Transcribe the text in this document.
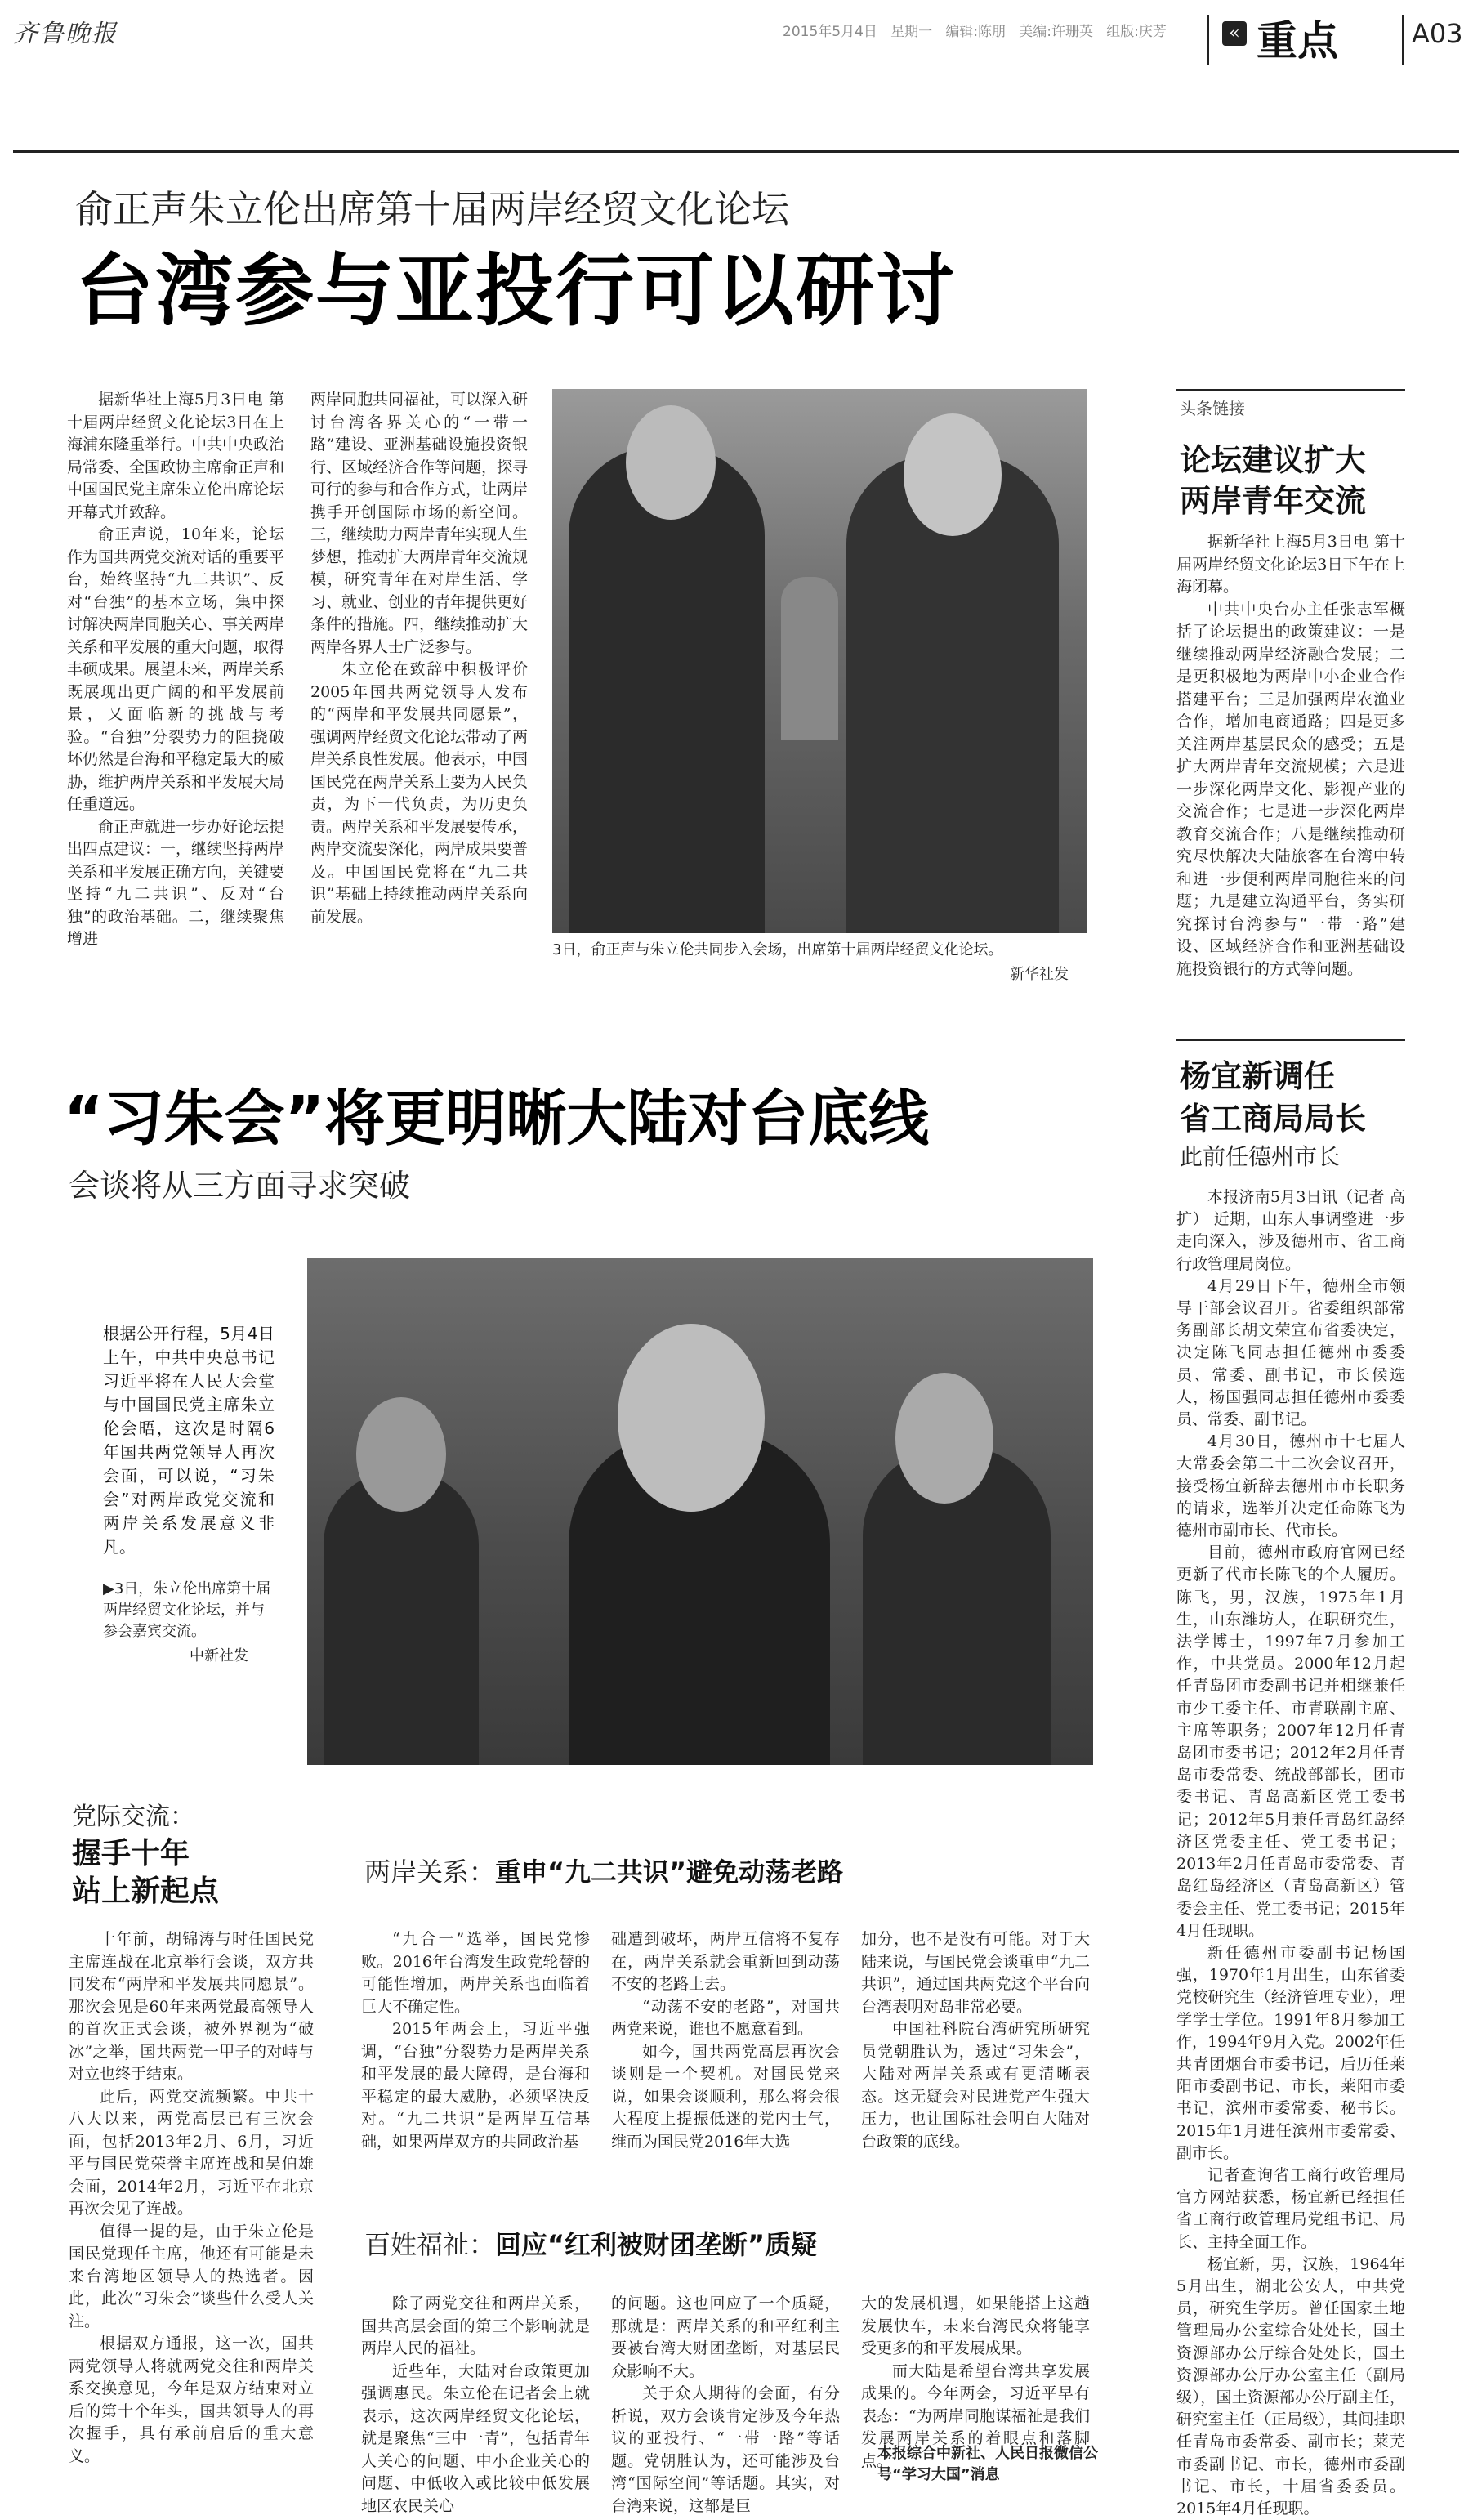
齐鲁晚报	2015年5月4日   星期一   编辑:陈朋   美编:许珊英   组版:庆芳	« 重点	A03
俞正声朱立伦出席第十届两岸经贸文化论坛
台湾参与亚投行可以研讨

据新华社上海5月3日电 第十届两岸经贸文化论坛3日在上海浦东隆重举行。中共中央政治局常委、全国政协主席俞正声和中国国民党主席朱立伦出席论坛开幕式并致辞。

俞正声说，10年来，论坛作为国共两党交流对话的重要平台，始终坚持“九二共识”、反对“台独”的基本立场，集中探讨解决两岸同胞关心、事关两岸关系和平发展的重大问题，取得丰硕成果。展望未来，两岸关系既展现出更广阔的和平发展前景，又面临新的挑战与考验。“台独”分裂势力的阻挠破坏仍然是台海和平稳定最大的威胁，维护两岸关系和平发展大局任重道远。

俞正声就进一步办好论坛提出四点建议：一，继续坚持两岸关系和平发展正确方向，关键要坚持“九二共识”、反对“台独”的政治基础。二，继续聚焦增进

两岸同胞共同福祉，可以深入研讨台湾各界关心的“一带一路”建设、亚洲基础设施投资银行、区域经济合作等问题，探寻可行的参与和合作方式，让两岸携手开创国际市场的新空间。三，继续助力两岸青年实现人生梦想，推动扩大两岸青年交流规模，研究青年在对岸生活、学习、就业、创业的青年提供更好条件的措施。四，继续推动扩大两岸各界人士广泛参与。

朱立伦在致辞中积极评价2005年国共两党领导人发布的“两岸和平发展共同愿景”，强调两岸经贸文化论坛带动了两岸关系良性发展。他表示，中国国民党在两岸关系上要为人民负责，为下一代负责，为历史负责。两岸关系和平发展要传承，两岸交流要深化，两岸成果要普及。中国国民党将在“九二共识”基础上持续推动两岸关系向前发展。

3日，俞正声与朱立伦共同步入会场，出席第十届两岸经贸文化论坛。
新华社发
头条链接
论坛建议扩大
两岸青年交流

据新华社上海5月3日电 第十届两岸经贸文化论坛3日下午在上海闭幕。

中共中央台办主任张志军概括了论坛提出的政策建议：一是继续推动两岸经济融合发展；二是更积极地为两岸中小企业合作搭建平台；三是加强两岸农渔业合作，增加电商通路；四是更多关注两岸基层民众的感受；五是扩大两岸青年交流规模；六是进一步深化两岸文化、影视产业的交流合作；七是进一步深化两岸教育交流合作；八是继续推动研究尽快解决大陆旅客在台湾中转和进一步便利两岸同胞往来的问题；九是建立沟通平台，务实研究探讨台湾参与“一带一路”建设、区域经济合作和亚洲基础设施投资银行的方式等问题。

“习朱会”将更明晰大陆对台底线
会谈将从三方面寻求突破
根据公开行程，5月4日上午，中共中央总书记习近平将在人民大会堂与中国国民党主席朱立伦会晤，这次是时隔6年国共两党领导人再次会面，可以说，“习朱会”对两岸政党交流和两岸关系发展意义非凡。
▶3日，朱立伦出席第十届两岸经贸文化论坛，并与参会嘉宾交流。
中新社发
党际交流：
握手十年
站上新起点

十年前，胡锦涛与时任国民党主席连战在北京举行会谈，双方共同发布“两岸和平发展共同愿景”。那次会见是60年来两党最高领导人的首次正式会谈，被外界视为“破冰”之举，国共两党一甲子的对峙与对立也终于结束。

此后，两党交流频繁。中共十八大以来，两党高层已有三次会面，包括2013年2月、6月，习近平与国民党荣誉主席连战和吴伯雄会面，2014年2月，习近平在北京再次会见了连战。

值得一提的是，由于朱立伦是国民党现任主席，他还有可能是未来台湾地区领导人的热选者。因此，此次“习朱会”谈些什么受人关注。

根据双方通报，这一次，国共两党领导人将就两党交往和两岸关系交换意见，今年是双方结束对立后的第十个年头，国共领导人的再次握手，具有承前启后的重大意义。

两岸关系：重申“九二共识”避免动荡老路

“九合一”选举，国民党惨败。2016年台湾发生政党轮替的可能性增加，两岸关系也面临着巨大不确定性。

2015年两会上，习近平强调，“台独”分裂势力是两岸关系和平发展的最大障碍，是台海和平稳定的最大威胁，必须坚决反对。“九二共识”是两岸互信基础，如果两岸双方的共同政治基

础遭到破坏，两岸互信将不复存在，两岸关系就会重新回到动荡不安的老路上去。

“动荡不安的老路”，对国共两党来说，谁也不愿意看到。

如今，国共两党高层再次会谈则是一个契机。对国民党来说，如果会谈顺利，那么将会很大程度上提振低迷的党内士气，维而为国民党2016年大选

加分，也不是没有可能。对于大陆来说，与国民党会谈重申“九二共识”，通过国共两党这个平台向台湾表明对岛非常必要。

中国社科院台湾研究所研究员党朝胜认为，透过“习朱会”，大陆对两岸关系或有更清晰表态。这无疑会对民进党产生强大压力，也让国际社会明白大陆对台政策的底线。

百姓福祉：回应“红利被财团垄断”质疑

除了两党交往和两岸关系，国共高层会面的第三个影响就是两岸人民的福祉。

近些年，大陆对台政策更加强调惠民。朱立伦在记者会上就表示，这次两岸经贸文化论坛，就是聚焦“三中一青”，包括青年人关心的问题、中小企业关心的问题、中低收入或比较中低发展地区农民关心

的问题。这也回应了一个质疑，那就是：两岸关系的和平红利主要被台湾大财团垄断，对基层民众影响不大。

关于众人期待的会面，有分析说，双方会谈肯定涉及今年热议的亚投行、“一带一路”等话题。党朝胜认为，还可能涉及台湾“国际空间”等话题。其实，对台湾来说，这都是巨

大的发展机遇，如果能搭上这趟发展快车，未来台湾民众将能享受更多的和平发展成果。

而大陆是希望台湾共享发展成果的。今年两会，习近平早有表态：“为两岸同胞谋福祉是我们发展两岸关系的着眼点和落脚点。”

本报综合中新社、人民日报微信公号“学习大国”消息
杨宜新调任
省工商局局长
此前任德州市长

本报济南5月3日讯（记者 高扩） 近期，山东人事调整进一步走向深入，涉及德州市、省工商行政管理局岗位。

4月29日下午，德州全市领导干部会议召开。省委组织部常务副部长胡文荣宣布省委决定，决定陈飞同志担任德州市委委员、常委、副书记，市长候选人，杨国强同志担任德州市委委员、常委、副书记。

4月30日，德州市十七届人大常委会第二十二次会议召开，接受杨宜新辞去德州市市长职务的请求，选举并决定任命陈飞为德州市副市长、代市长。

目前，德州市政府官网已经更新了代市长陈飞的个人履历。陈飞，男，汉族，1975年1月生，山东潍坊人，在职研究生，法学博士，1997年7月参加工作，中共党员。2000年12月起任青岛团市委副书记并相继兼任市少工委主任、市青联副主席、主席等职务；2007年12月任青岛团市委书记；2012年2月任青岛市委常委、统战部部长，团市委书记、青岛高新区党工委书记；2012年5月兼任青岛红岛经济区党委主任、党工委书记；2013年2月任青岛市委常委、青岛红岛经济区（青岛高新区）管委会主任、党工委书记；2015年4月任现职。

新任德州市委副书记杨国强，1970年1月出生，山东省委党校研究生（经济管理专业），理学学士学位。1991年8月参加工作，1994年9月入党。2002年任共青团烟台市委书记，后历任莱阳市委副书记、市长，莱阳市委书记，滨州市委常委、秘书长。2015年1月进任滨州市委常委、副市长。

记者查询省工商行政管理局官方网站获悉，杨宜新已经担任省工商行政管理局党组书记、局长、主持全面工作。

杨宜新，男，汉族，1964年5月出生，湖北公安人，中共党员，研究生学历。曾任国家土地管理局办公室综合处处长，国土资源部办公厅综合处处长，国土资源部办公厅办公室主任（副局级），国土资源部办公厅副主任，研究室主任（正局级），其间挂职任青岛市委常委、副市长；莱芜市委副书记、市长，德州市委副书记、市长，十届省委委员。2015年4月任现职。
